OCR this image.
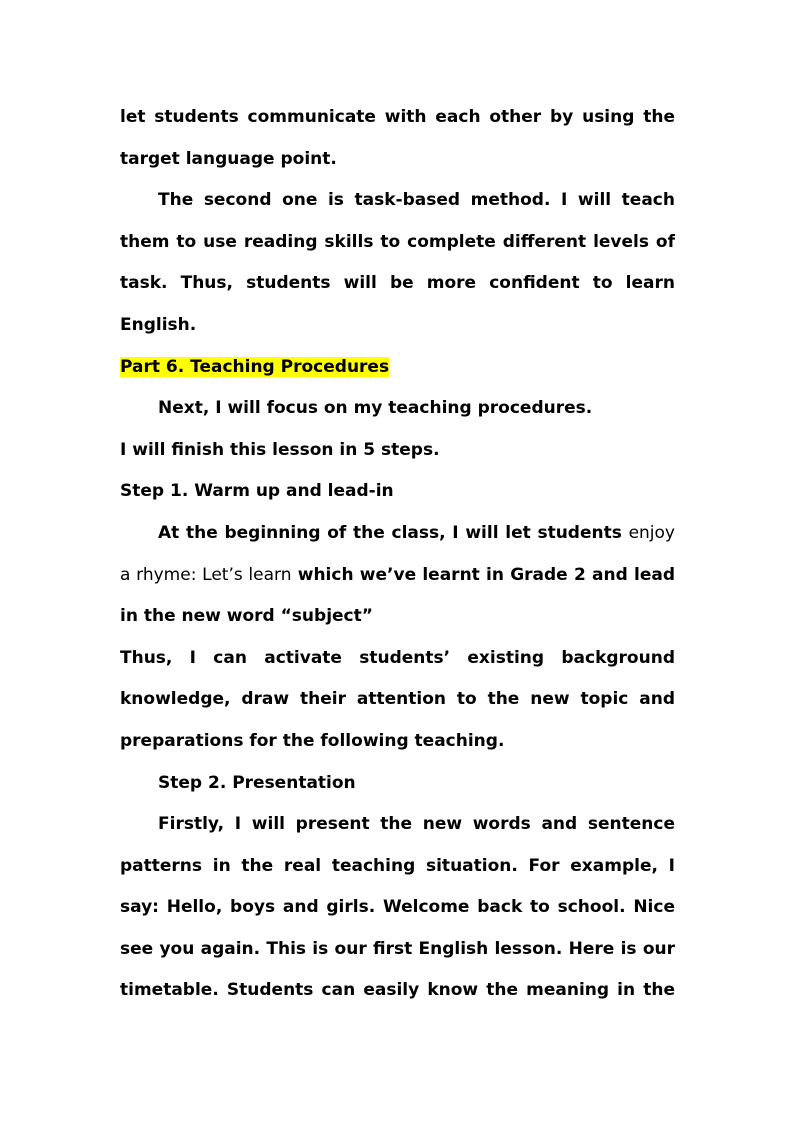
let students communicate with each other by using the
target language point.
The second one is task-based method. I will teach
them to use reading skills to complete different levels of
task. Thus, students will be more confident to learn
English.
Part 6. Teaching Procedures
Next, I will focus on my teaching procedures.
I will finish this lesson in 5 steps.
Step 1. Warm up and lead-in
At the beginning of the class, I will let students enjoy
a rhyme: Let’s learn which we’ve learnt in Grade 2 and lead
in the new word “subject”
Thus, I can activate students’ existing background
knowledge, draw their attention to the new topic and
preparations for the following teaching.
Step 2. Presentation
Firstly, I will present the new words and sentence
patterns in the real teaching situation. For example, I
say: Hello, boys and girls. Welcome back to school. Nice
see you again. This is our first English lesson. Here is our
timetable. Students can easily know the meaning in the
